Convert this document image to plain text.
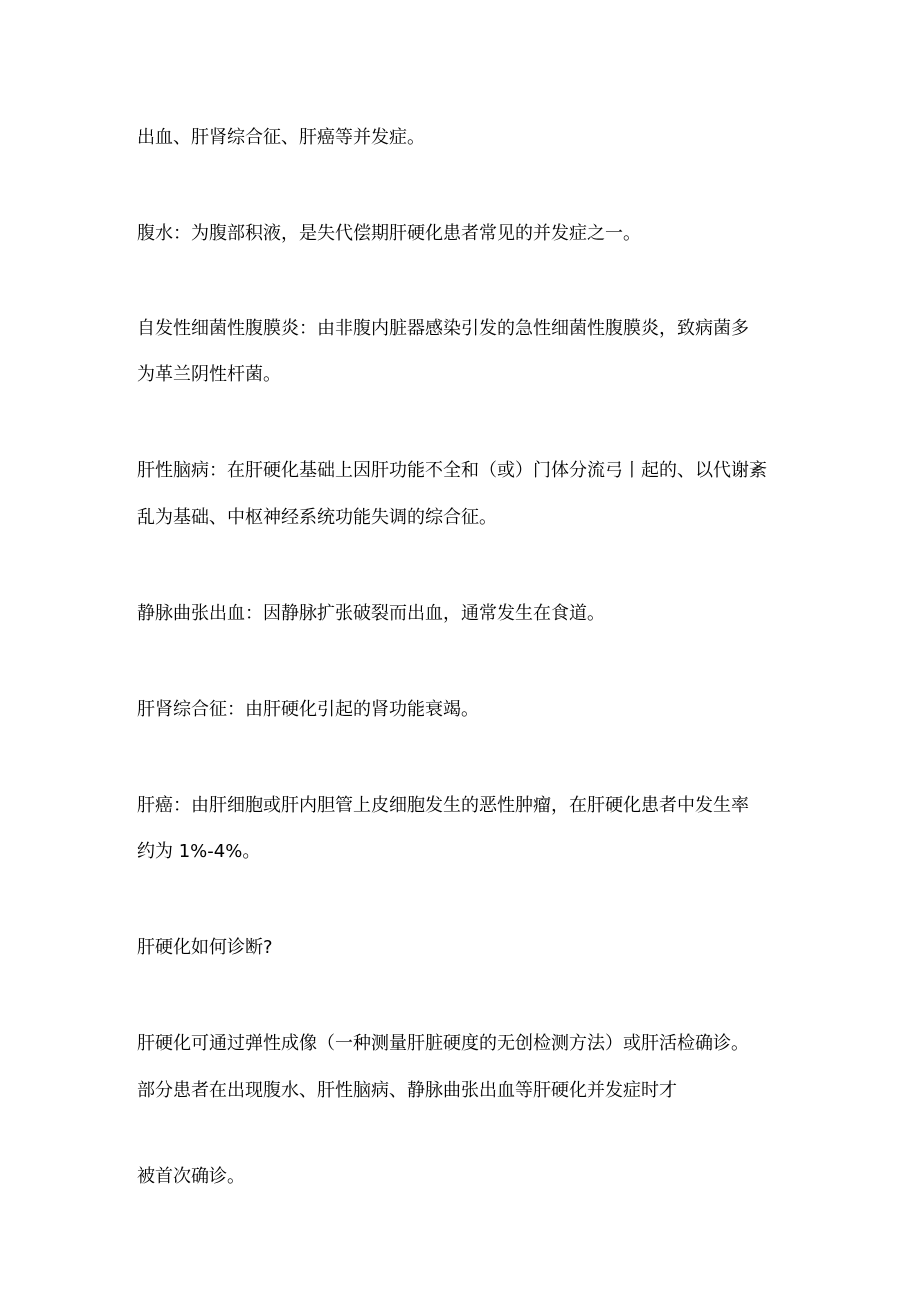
出血、肝肾综合征、肝癌等并发症。

腹水：为腹部积液，是失代偿期肝硬化患者常见的并发症之一。

自发性细菌性腹膜炎：由非腹内脏器感染引发的急性细菌性腹膜炎，致病菌多

为革兰阴性杆菌。

肝性脑病：在肝硬化基础上因肝功能不全和（或）门体分流弓丨起的、以代谢紊

乱为基础、中枢神经系统功能失调的综合征。

静脉曲张出血：因静脉扩张破裂而出血，通常发生在食道。

肝肾综合征：由肝硬化引起的肾功能衰竭。

肝癌：由肝细胞或肝内胆管上皮细胞发生的恶性肿瘤，在肝硬化患者中发生率

约为 1%-4%。

肝硬化如何诊断?

肝硬化可通过弹性成像（一种测量肝脏硬度的无创检测方法）或肝活检确诊。

部分患者在出现腹水、肝性脑病、静脉曲张出血等肝硬化并发症时才

被首次确诊。
